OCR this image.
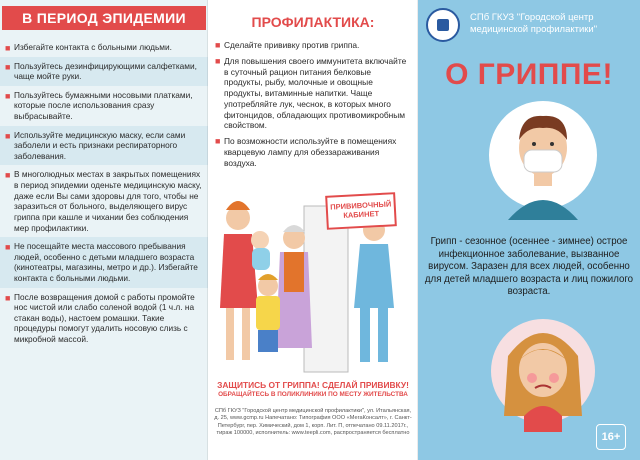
В ПЕРИОД ЭПИДЕМИИ
■ Избегайте контакта с больными людьми.
■ Пользуйтесь дезинфицирующими салфетками, чаще мойте руки.
■ Пользуйтесь бумажными носовыми платками, которые после использования сразу выбрасывайте.
■ Используйте медицинскую маску, если сами заболели и есть признаки респираторного заболевания.
■ В многолюдных местах в закрытых помещениях в период эпидемии оденьте медицинскую маску, даже если Вы сами здоровы для того, чтобы не заразиться от больного, выделяющего вирус гриппа при кашле и чихании без соблюдения мер профилактики.
■ Не посещайте места массового пребывания людей, особенно с детьми младшего возраста (кинотеатры, магазины, метро и др.). Избегайте контакта с больными людьми.
■ После возвращения домой с работы промойте нос чистой или слабо соленой водой (1 ч.л. на стакан воды), настоем ромашки. Такие процедуры помогут удалить носовую слизь с микробной массой.
ПРОФИЛАКТИКА:
■ Сделайте прививку против гриппа.
■ Для повышения своего иммунитета включайте в суточный рацион питания белковые продукты, рыбу, молочные и овощные продукты, витаминные напитки. Чаще употребляйте лук, чеснок, в которых много фитонцидов, обладающих противомикробным свойством.
■ По возможности используйте в помещениях кварцевую лампу для обеззараживания воздуха.
ПРИВИВОЧНЫЙ КАБИНЕТ
ЗАЩИТИСЬ ОТ ГРИППА! СДЕЛАЙ ПРИВИВКУ!
ОБРАЩАЙТЕСЬ В ПОЛИКЛИНИКИ ПО МЕСТУ ЖИТЕЛЬСТВА
СПб ГКУЗ "Городской центр медицинской профилактики", ул. Итальянская, д. 25, www.gcmp.ru Напечатано: Типография ООО «МегаКонсалт», г. Санкт-Петербург, пер. Химический, дом 1, корп. Лит. П, отпечатано 09.11.2017г., тираж 100000, исполнитель: www.teepli.com, распространяется бесплатно
СПб ГКУЗ "Городской центр медицинской профилактики"
О ГРИППЕ!
Грипп - сезонное (осеннее - зимнее) острое инфекционное заболевание, вызванное вирусом. Заразен для всех людей, особенно для детей младшего возраста и лиц пожилого возраста.
16+
